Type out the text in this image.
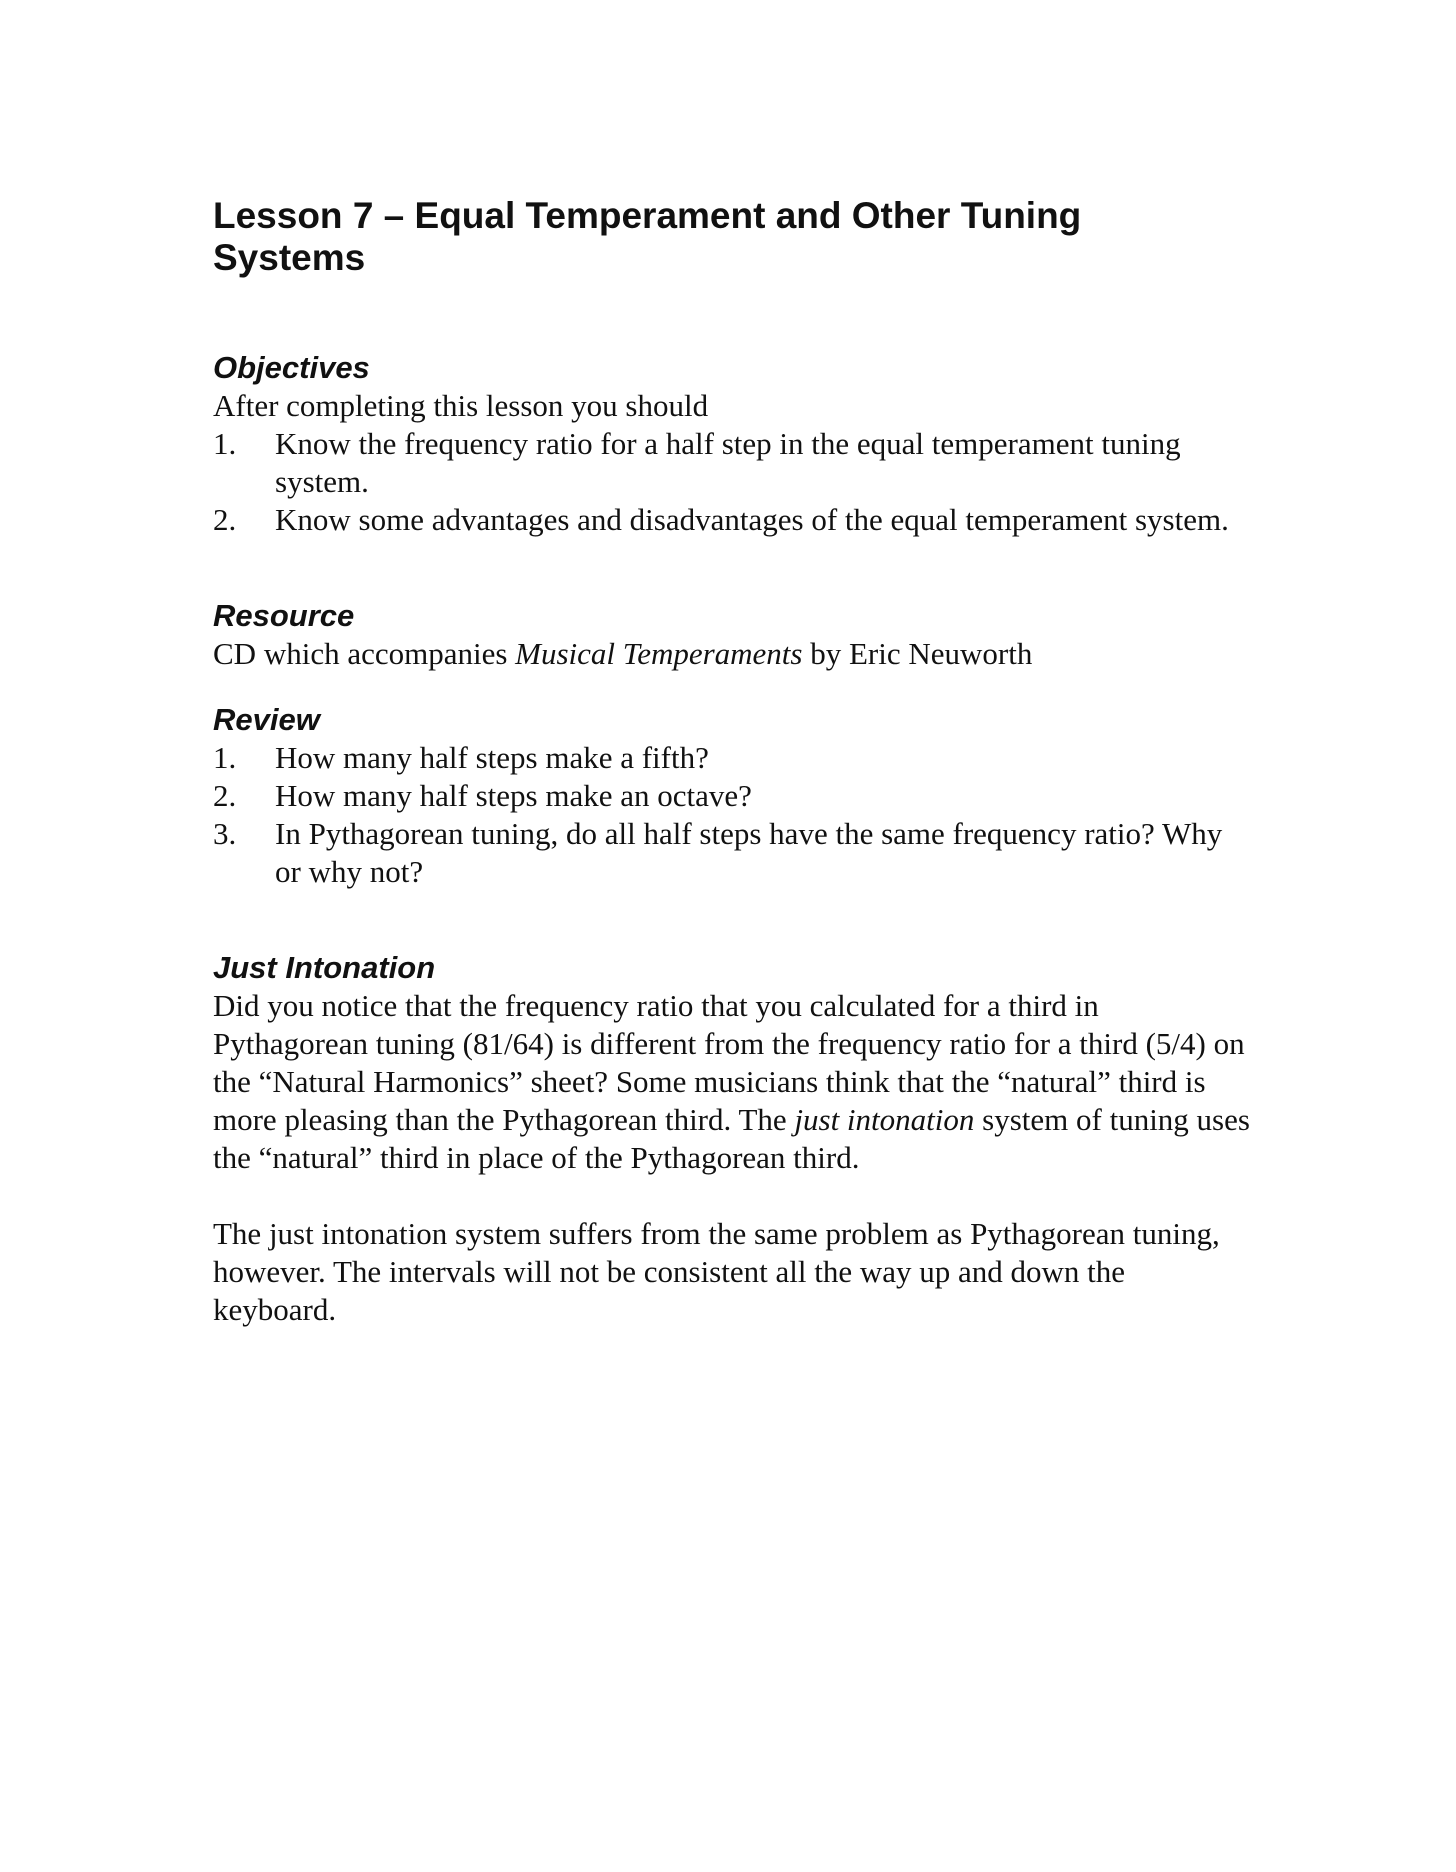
Lesson 7 – Equal Temperament and Other Tuning Systems
Objectives

After completing this lesson you should

1. Know the frequency ratio for a half step in the equal temperament tuning system.
2. Know some advantages and disadvantages of the equal temperament system.
Resource

CD which accompanies Musical Temperaments by Eric Neuworth

Review
1. How many half steps make a fifth?
2. How many half steps make an octave?
3. In Pythagorean tuning, do all half steps have the same frequency ratio? Why or why not?
Just Intonation

Did you notice that the frequency ratio that you calculated for a third in Pythagorean tuning (81/64) is different from the frequency ratio for a third (5/4) on the “Natural Harmonics” sheet? Some musicians think that the “natural” third is more pleasing than the Pythagorean third. The just intonation system of tuning uses the “natural” third in place of the Pythagorean third.

The just intonation system suffers from the same problem as Pythagorean tuning, however. The intervals will not be consistent all the way up and down the keyboard.
